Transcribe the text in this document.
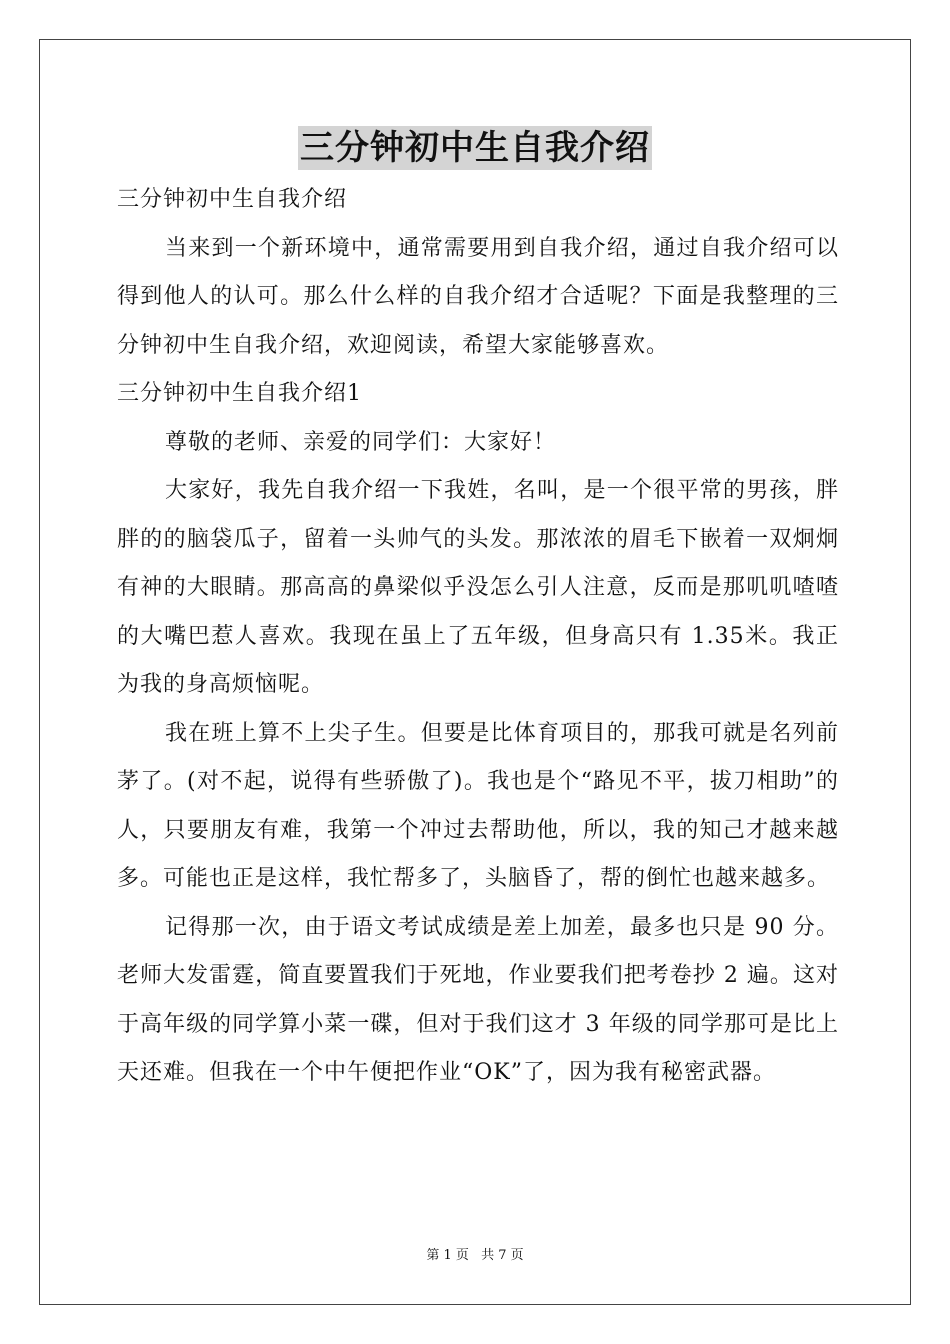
三分钟初中生自我介绍

三分钟初中生自我介绍

当来到一个新环境中，通常需要用到自我介绍，通过自我介绍可以得到他人的认可。那么什么样的自我介绍才合适呢？下面是我整理的三分钟初中生自我介绍，欢迎阅读，希望大家能够喜欢。

三分钟初中生自我介绍1

尊敬的老师、亲爱的同学们：大家好！

大家好，我先自我介绍一下我姓，名叫，是一个很平常的男孩，胖胖的的脑袋瓜子，留着一头帅气的头发。那浓浓的眉毛下嵌着一双炯炯有神的大眼睛。那高高的鼻梁似乎没怎么引人注意，反而是那叽叽喳喳的大嘴巴惹人喜欢。我现在虽上了五年级，但身高只有 1.35米。我正为我的身高烦恼呢。

我在班上算不上尖子生。但要是比体育项目的，那我可就是名列前茅了。(对不起，说得有些骄傲了)。我也是个“路见不平，拔刀相助”的人，只要朋友有难，我第一个冲过去帮助他，所以，我的知己才越来越多。可能也正是这样，我忙帮多了，头脑昏了，帮的倒忙也越来越多。

记得那一次，由于语文考试成绩是差上加差，最多也只是 90 分。老师大发雷霆，简直要置我们于死地，作业要我们把考卷抄 2 遍。这对于高年级的同学算小菜一碟，但对于我们这才 3 年级的同学那可是比上天还难。但我在一个中午便把作业“OK”了，因为我有秘密武器。

第 1 页 共 7 页
